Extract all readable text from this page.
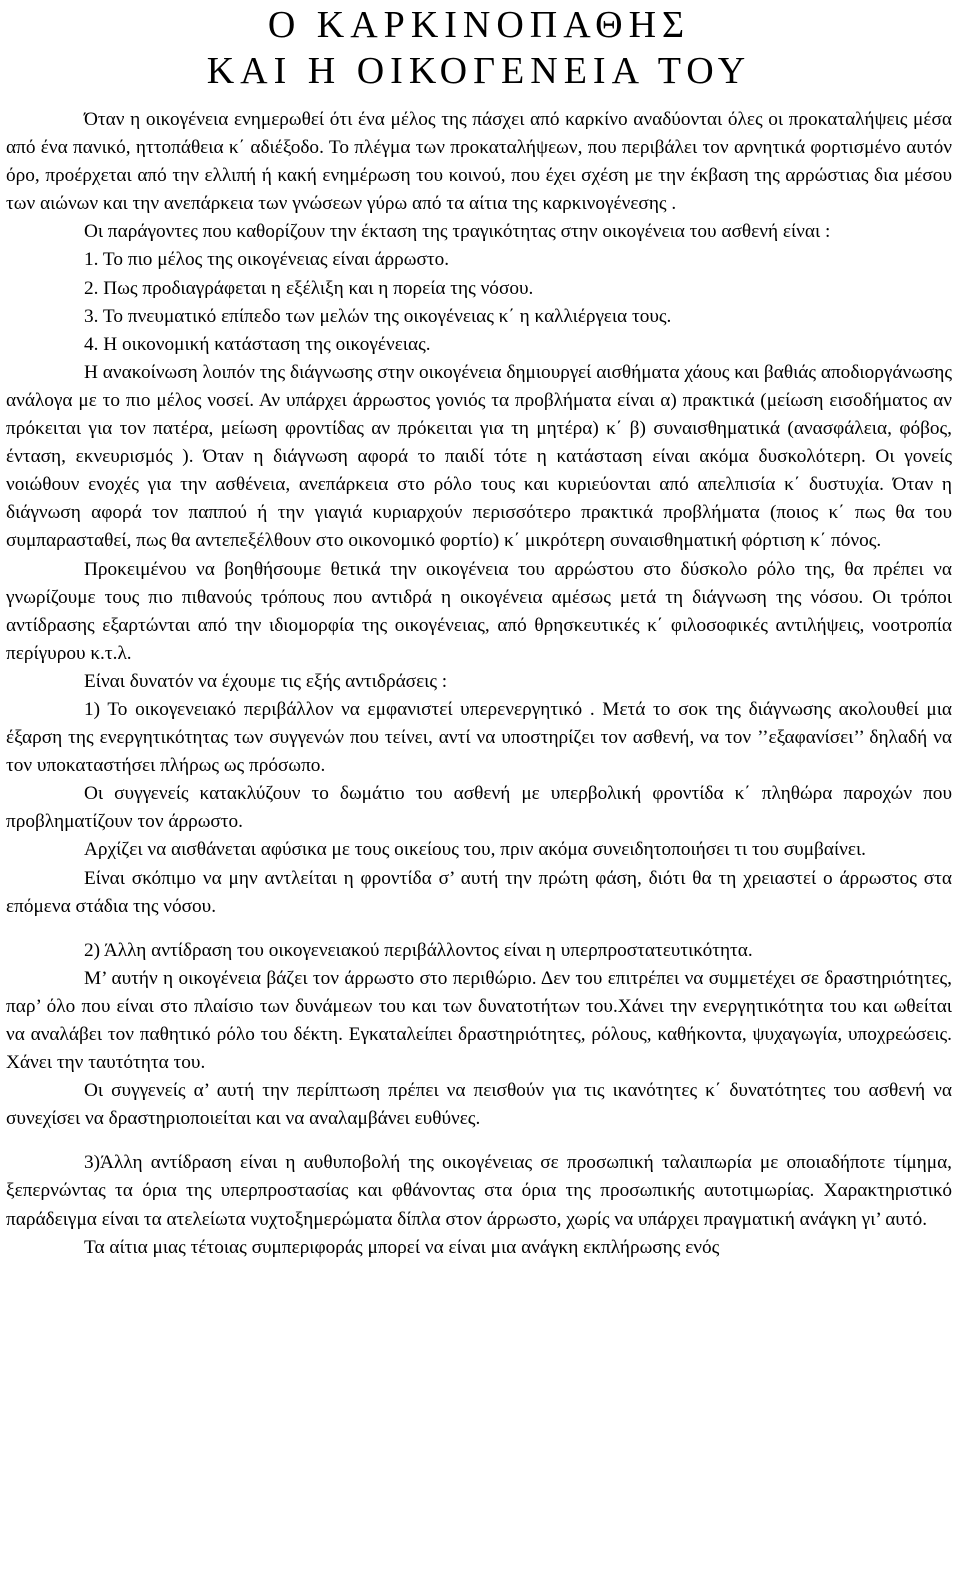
Ο ΚΑΡΚΙΝΟΠΑΘΗΣ
ΚΑΙ Η ΟΙΚΟΓΕΝΕΙΑ ΤΟΥ

Όταν η οικογένεια ενημερωθεί ότι ένα μέλος της πάσχει από καρκίνο αναδύονται όλες οι προκαταλήψεις μέσα από ένα πανικό, ηττοπάθεια κ΄ αδιέξοδο. Το πλέγμα των προκαταλήψεων, που περιβάλει τον αρνητικά φορτισμένο αυτόν όρο, προέρχεται από την ελλιπή ή κακή ενημέρωση του κοινού, που έχει σχέση με την έκβαση της αρρώστιας δια μέσου των αιώνων και την ανεπάρκεια των γνώσεων γύρω από τα αίτια της καρκινογένεσης .

Οι παράγοντες που καθορίζουν την έκταση της τραγικότητας στην οικογένεια του ασθενή είναι :

1. Το πιο μέλος της οικογένειας είναι άρρωστο.

2. Πως προδιαγράφεται η εξέλιξη και η πορεία της νόσου.

3. Το πνευματικό επίπεδο των μελών της οικογένειας κ΄ η καλλιέργεια τους.

4. Η οικονομική κατάσταση της οικογένειας.

Η ανακοίνωση λοιπόν της διάγνωσης στην οικογένεια δημιουργεί αισθήματα χάους και βαθιάς αποδιοργάνωσης ανάλογα με το πιο μέλος νοσεί. Αν υπάρχει άρρωστος γονιός τα προβλήματα είναι α) πρακτικά (μείωση εισοδήματος αν πρόκειται για τον πατέρα, μείωση φροντίδας αν πρόκειται για τη μητέρα) κ΄ β) συναισθηματικά (ανασφάλεια, φόβος, ένταση, εκνευρισμός ). Όταν η διάγνωση αφορά το παιδί τότε η κατάσταση είναι ακόμα δυσκολότερη. Οι γονείς νοιώθουν ενοχές για την ασθένεια, ανεπάρκεια στο ρόλο τους και κυριεύονται από απελπισία κ΄ δυστυχία. Όταν η διάγνωση αφορά τον παππού ή την γιαγιά κυριαρχούν περισσότερο πρακτικά προβλήματα (ποιος κ΄ πως θα του συμπαρασταθεί, πως θα αντεπεξέλθουν στο οικονομικό φορτίο) κ΄ μικρότερη συναισθηματική φόρτιση κ΄ πόνος.

Προκειμένου να βοηθήσουμε θετικά την οικογένεια του αρρώστου στο δύσκολο ρόλο της, θα πρέπει να γνωρίζουμε τους πιο πιθανούς τρόπους που αντιδρά η οικογένεια αμέσως μετά τη διάγνωση της νόσου. Οι τρόποι αντίδρασης εξαρτώνται από την ιδιομορφία της οικογένειας, από θρησκευτικές κ΄ φιλοσοφικές αντιλήψεις, νοοτροπία περίγυρου κ.τ.λ.

Είναι δυνατόν να έχουμε τις εξής αντιδράσεις :

1) Το οικογενειακό περιβάλλον να εμφανιστεί υπερενεργητικό . Μετά το σοκ της διάγνωσης ακολουθεί μια έξαρση της ενεργητικότητας των συγγενών που τείνει, αντί να υποστηρίζει τον ασθενή, να τον ’’εξαφανίσει’’ δηλαδή να τον υποκαταστήσει πλήρως ως πρόσωπο.

Οι συγγενείς κατακλύζουν το δωμάτιο του ασθενή με υπερβολική φροντίδα κ΄ πληθώρα παροχών που προβληματίζουν τον άρρωστο.

Αρχίζει να αισθάνεται αφύσικα με τους οικείους του, πριν ακόμα συνειδητοποιήσει τι του συμβαίνει.

Είναι σκόπιμο να μην αντλείται η φροντίδα σ’ αυτή την πρώτη φάση, διότι θα τη χρειαστεί ο άρρωστος στα επόμενα στάδια της νόσου.

2) Άλλη αντίδραση του οικογενειακού περιβάλλοντος είναι η υπερπροστατευτικότητα.

Μ’ αυτήν η οικογένεια βάζει τον άρρωστο στο περιθώριο. Δεν του επιτρέπει να συμμετέχει σε δραστηριότητες, παρ’ όλο που είναι στο πλαίσιο των δυνάμεων του και των δυνατοτήτων του.Χάνει την ενεργητικότητα του και ωθείται να αναλάβει τον παθητικό ρόλο του δέκτη. Εγκαταλείπει δραστηριότητες, ρόλους, καθήκοντα, ψυχαγωγία, υποχρεώσεις. Χάνει την ταυτότητα του.

Οι συγγενείς α’ αυτή την περίπτωση πρέπει να πεισθούν για τις ικανότητες κ΄ δυνατότητες του ασθενή να συνεχίσει να δραστηριοποιείται και να αναλαμβάνει ευθύνες.

3)Άλλη αντίδραση είναι η αυθυποβολή της οικογένειας σε προσωπική ταλαιπωρία με οποιαδήποτε τίμημα, ξεπερνώντας τα όρια της υπερπροστασίας και φθάνοντας στα όρια της προσωπικής αυτοτιμωρίας. Χαρακτηριστικό παράδειγμα είναι τα ατελείωτα νυχτοξημερώματα δίπλα στον άρρωστο, χωρίς να υπάρχει πραγματική ανάγκη γι’ αυτό.

Τα αίτια μιας τέτοιας συμπεριφοράς μπορεί να είναι μια ανάγκη εκπλήρωσης ενός
